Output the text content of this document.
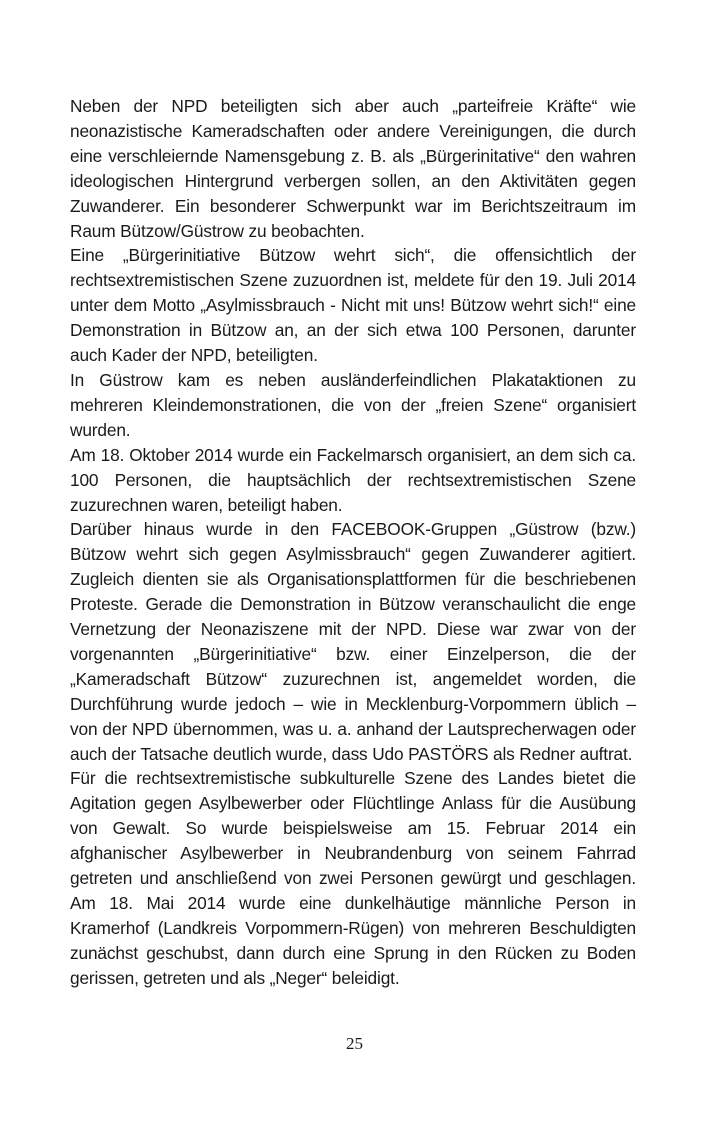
Neben der NPD beteiligten sich aber auch „parteifreie Kräfte“ wie neonazistische Kameradschaften oder andere Vereinigungen, die durch eine verschleiernde Namensgebung z. B. als „Bürgerinitative“ den wahren ideologischen Hintergrund verbergen sollen, an den Aktivitäten gegen Zuwanderer. Ein besonderer Schwerpunkt war im Berichtszeitraum im Raum Bützow/Güstrow zu beobachten.

Eine „Bürgerinitiative Bützow wehrt sich“, die offensichtlich der rechtsextremistischen Szene zuzuordnen ist, meldete für den 19. Juli 2014 unter dem Motto „Asylmissbrauch - Nicht mit uns! Bützow wehrt sich!“ eine Demonstration in Bützow an, an der sich etwa 100 Personen, darunter auch Kader der NPD, beteiligten.

In Güstrow kam es neben ausländerfeindlichen Plakataktionen zu mehreren Kleindemonstrationen, die von der „freien Szene“ organisiert wurden.

Am 18. Oktober 2014 wurde ein Fackelmarsch organisiert, an dem sich ca. 100 Personen, die hauptsächlich der rechtsextremistischen Szene zuzurechnen waren, beteiligt haben.

Darüber hinaus wurde in den FACEBOOK-Gruppen „Güstrow (bzw.) Bützow wehrt sich gegen Asylmissbrauch“ gegen Zuwanderer agitiert. Zugleich dienten sie als Organisationsplattformen für die beschriebenen Proteste. Gerade die Demonstration in Bützow veranschaulicht die enge Vernetzung der Neonaziszene mit der NPD. Diese war zwar von der vorgenannten „Bürgerinitiative“ bzw. einer Einzelperson, die der „Kameradschaft Bützow“ zuzurechnen ist, angemeldet worden, die Durchführung wurde jedoch – wie in Mecklenburg-Vorpommern üblich – von der NPD übernommen, was u. a. anhand der Lautsprecherwagen oder auch der Tatsache deutlich wurde, dass Udo PASTÖRS als Redner auftrat.

Für die rechtsextremistische subkulturelle Szene des Landes bietet die Agitation gegen Asylbewerber oder Flüchtlinge Anlass für die Ausübung von Gewalt. So wurde beispielsweise am 15. Februar 2014 ein afghanischer Asylbewerber in Neubrandenburg von seinem Fahrrad getreten und anschließend von zwei Personen gewürgt und geschlagen. Am 18. Mai 2014 wurde eine dunkelhäutige männliche Person in Kramerhof (Landkreis Vorpommern-Rügen) von mehreren Beschuldigten zunächst geschubst, dann durch eine Sprung in den Rücken zu Boden gerissen, getreten und als „Neger“ beleidigt.

25
